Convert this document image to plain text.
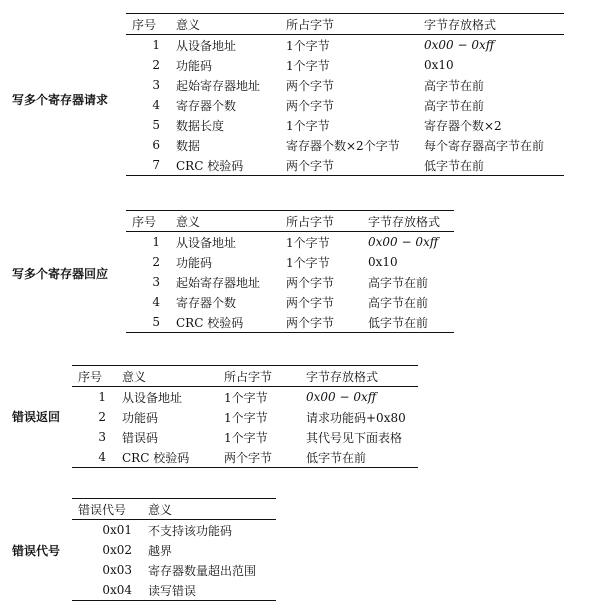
写多个寄存器请求
序号	意义	所占字节	字节存放格式
1	从设备地址	1个字节	0x00 − 0xff
2	功能码	1个字节	0x10
3	起始寄存器地址	两个字节	高字节在前
4	寄存器个数	两个字节	高字节在前
5	数据长度	1个字节	寄存器个数×2
6	数据	寄存器个数×2个字节	每个寄存器高字节在前
7	CRC 校验码	两个字节	低字节在前
写多个寄存器回应
序号	意义	所占字节	字节存放格式
1	从设备地址	1个字节	0x00 − 0xff
2	功能码	1个字节	0x10
3	起始寄存器地址	两个字节	高字节在前
4	寄存器个数	两个字节	高字节在前
5	CRC 校验码	两个字节	低字节在前
错误返回
序号	意义	所占字节	字节存放格式
1	从设备地址	1个字节	0x00 − 0xff
2	功能码	1个字节	请求功能码+0x80
3	错误码	1个字节	其代号见下面表格
4	CRC 校验码	两个字节	低字节在前
错误代号
错误代号	意义
0x01	不支持该功能码
0x02	越界
0x03	寄存器数量超出范围
0x04	读写错误
